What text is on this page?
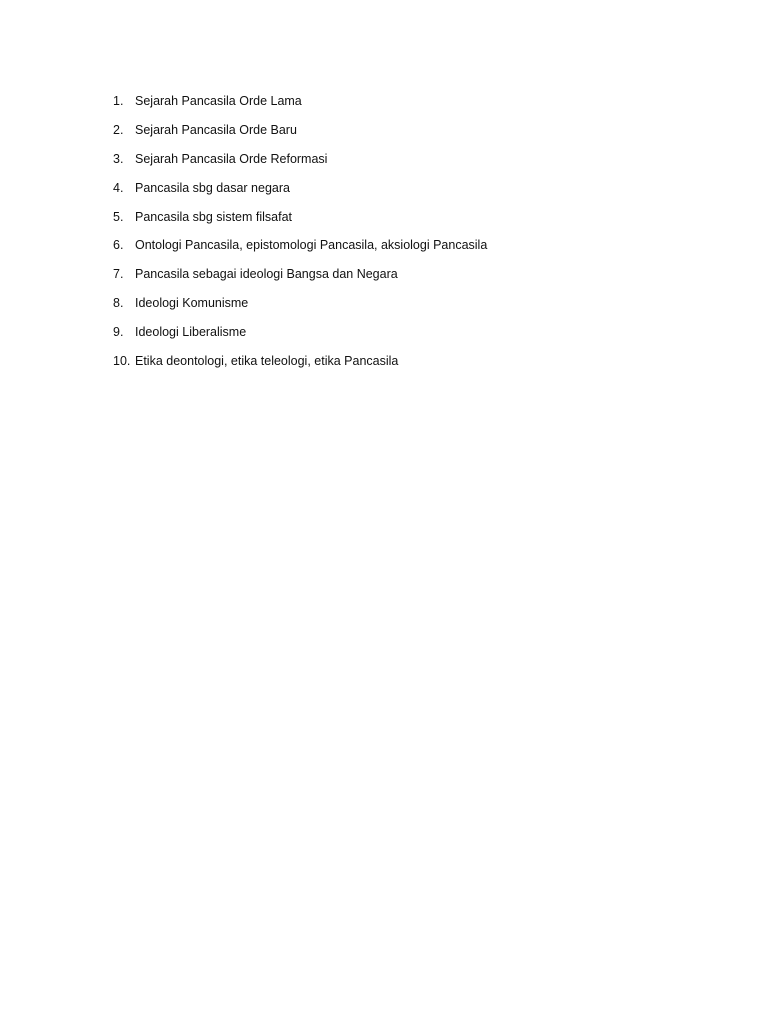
1. Sejarah Pancasila Orde Lama
2. Sejarah Pancasila Orde Baru
3. Sejarah Pancasila Orde Reformasi
4. Pancasila sbg dasar negara
5. Pancasila sbg sistem filsafat
6. Ontologi Pancasila, epistomologi Pancasila, aksiologi Pancasila
7. Pancasila sebagai ideologi Bangsa dan Negara
8. Ideologi Komunisme
9. Ideologi Liberalisme
10. Etika deontologi, etika teleologi, etika Pancasila
